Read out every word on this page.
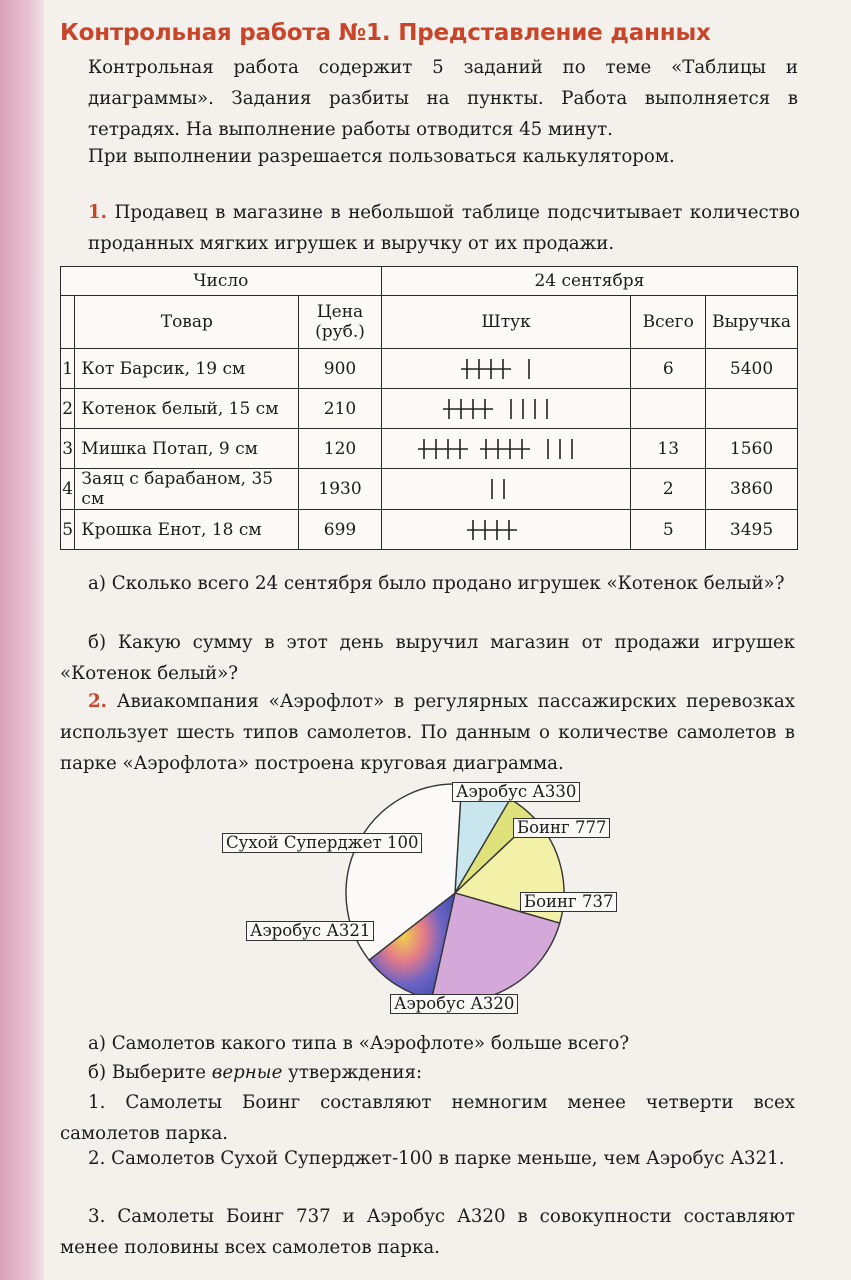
Контрольная работа №1. Представление данных

Контрольная работа содержит 5 заданий по теме «Таблицы и диаграммы». Задания разбиты на пункты. Работа выполняется в тетрадях. На выполнение работы отводится 45 минут.

При выполнении разрешается пользоваться калькулятором.

1. Продавец в магазине в небольшой таблице подсчитывает количество проданных мягких игрушек и выручку от их продажи.

Число			24 сентября		
	Товар	Цена (руб.)	Штук	Всего	Выручка
1	Кот Барсик, 19 см	900		6	5400
2	Котенок белый, 15 см	210	

3	Мишка Потап, 9 см	120		13	1560
4	Заяц с барабаном, 35 см	1930		2	3860
5	Крошка Енот, 18 см	699		5	3495

а) Сколько всего 24 сентября было продано игрушек «Котенок белый»?

б) Какую сумму в этот день выручил магазин от продажи игрушек «Котенок белый»?

2. Авиакомпания «Аэрофлот» в регулярных пассажирских перевозках использует шесть типов самолетов. По данным о количестве самолетов в парке «Аэрофлота» построена круговая диаграмма.

Аэробус А330
Боинг 777
Боинг 737
Аэробус А320
Аэробус А321
Сухой Суперджет 100

а) Самолетов какого типа в «Аэрофлоте» больше всего?

б) Выберите верные утверждения:

1. Самолеты Боинг составляют немногим менее четверти всех самолетов парка.

2. Самолетов Сухой Суперджет-100 в парке меньше, чем Аэробус А321.

3. Самолеты Боинг 737 и Аэробус А320 в совокупности составляют менее половины всех самолетов парка.
